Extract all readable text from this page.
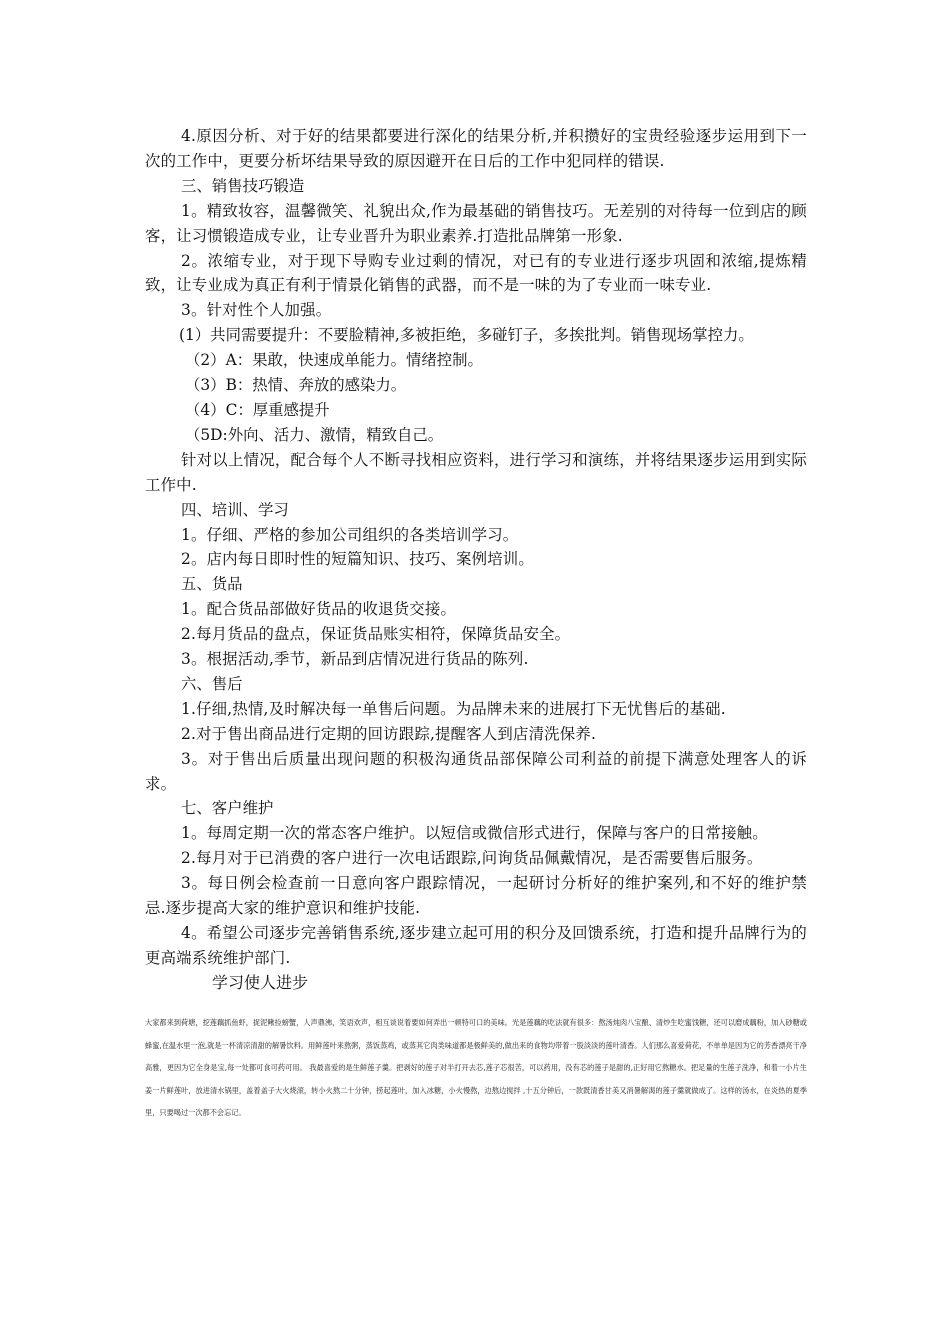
4.原因分析、对于好的结果都要进行深化的结果分析,并积攒好的宝贵经验逐步运用到下一次的工作中，更要分析坏结果导致的原因避开在日后的工作中犯同样的错误.

三、销售技巧锻造

1。精致妆容，温馨微笑、礼貌出众,作为最基础的销售技巧。无差别的对待每一位到店的顾客，让习惯锻造成专业，让专业晋升为职业素养.打造批品牌第一形象.

2。浓缩专业，对于现下导购专业过剩的情况，对已有的专业进行逐步巩固和浓缩,提炼精致，让专业成为真正有利于情景化销售的武器，而不是一味的为了专业而一味专业.

3。针对性个人加强。

(1）共同需要提升：不要脸精神,多被拒绝，多碰钉子，多挨批判。销售现场掌控力。

（2）A：果敢，快速成单能力。情绪控制。

（3）B：热情、奔放的感染力。

（4）C：厚重感提升

（5D:外向、活力、激情，精致自己。

针对以上情况，配合每个人不断寻找相应资料，进行学习和演练，并将结果逐步运用到实际工作中.

四、培训、学习

1。仔细、严格的参加公司组织的各类培训学习。

2。店内每日即时性的短篇知识、技巧、案例培训。

五、货品

1。配合货品部做好货品的收退货交接。

2.每月货品的盘点，保证货品账实相符，保障货品安全。

3。根据活动,季节，新品到店情况进行货品的陈列.

六、售后

1.仔细,热情,及时解决每一单售后问题。为品牌未来的进展打下无忧售后的基础.

2.对于售出商品进行定期的回访跟踪,提醒客人到店清洗保养.

3。对于售出后质量出现问题的积极沟通货品部保障公司利益的前提下满意处理客人的诉求。

七、客户维护

1。每周定期一次的常态客户维护。以短信或微信形式进行，保障与客户的日常接触。

2.每月对于已消费的客户进行一次电话跟踪,问询货品佩戴情况，是否需要售后服务。

3。每日例会检查前一日意向客户跟踪情况，一起研讨分析好的维护案列,和不好的维护禁忌.逐步提高大家的维护意识和维护技能.

4。希望公司逐步完善销售系统,逐步建立起可用的积分及回馈系统，打造和提升品牌行为的更高端系统维护部门.

学习使人进步

大家都来到荷塘，挖莲藕抓鱼虾，捉泥鳅捡螃蟹，人声鼎沸，笑语欢声，相互谈说着要如何弄出一顿特可口的美味。光是莲藕的吃法就有很多：熬汤炖肉八宝酿、清炒生吃蜜饯糖，还可以磨成藕粉，加入砂糖或蜂蜜,在温水里一泡,就是一杯清凉清甜的解暑饮料。用鲜莲叶来熬粥，蒸饭蒸鸡，或蒸其它肉类味道都是极鲜美的,做出来的食物均带着一股淡淡的莲叶清香。人们那么喜爱荷花，不单单是因为它的芳香漂亮干净高雅，更因为它全身是宝,每一处都可食可药可用。 我最喜爱的是生鲜莲子羹。把剥好的莲子对半打开去芯,莲子芯很苦，可以药用，没有芯的莲子是甜的,正好用它熬糖水。把足量的生莲子洗净，和着一小片生姜一片鲜莲叶，放进清水锅里，盖着盖子大火烧滚，转小火熬二十分钟，捞起莲叶，加入冰糖，小火慢熬，边熬边搅拌 ,十五分钟后，一款既清香甘美又消暑解渴的莲子羹就做成了。这样的汤水，在炎热的夏季里，只要喝过一次都不会忘记。
